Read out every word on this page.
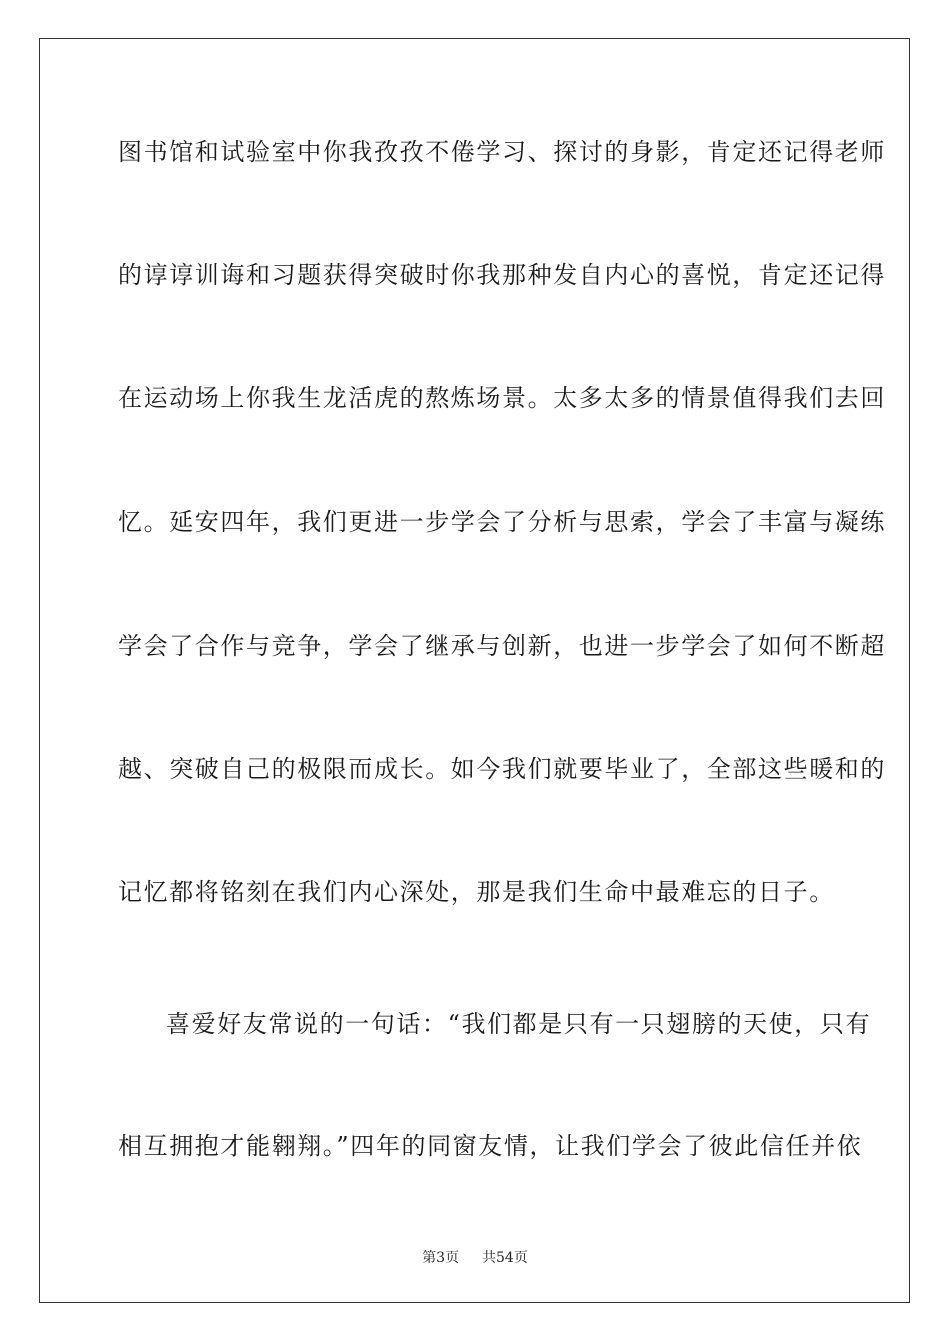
图书馆和试验室中你我孜孜不倦学习、探讨的身影，肯定还记得老师
的谆谆训诲和习题获得突破时你我那种发自内心的喜悦，肯定还记得
在运动场上你我生龙活虎的熬炼场景。太多太多的情景值得我们去回
忆。延安四年，我们更进一步学会了分析与思索，学会了丰富与凝练
学会了合作与竞争，学会了继承与创新，也进一步学会了如何不断超
越、突破自己的极限而成长。如今我们就要毕业了，全部这些暖和的
记忆都将铭刻在我们内心深处，那是我们生命中最难忘的日子。
喜爱好友常说的一句话：“我们都是只有一只翅膀的天使，只有
相互拥抱才能翱翔。”四年的同窗友情，让我们学会了彼此信任并依
第3页 共54页
